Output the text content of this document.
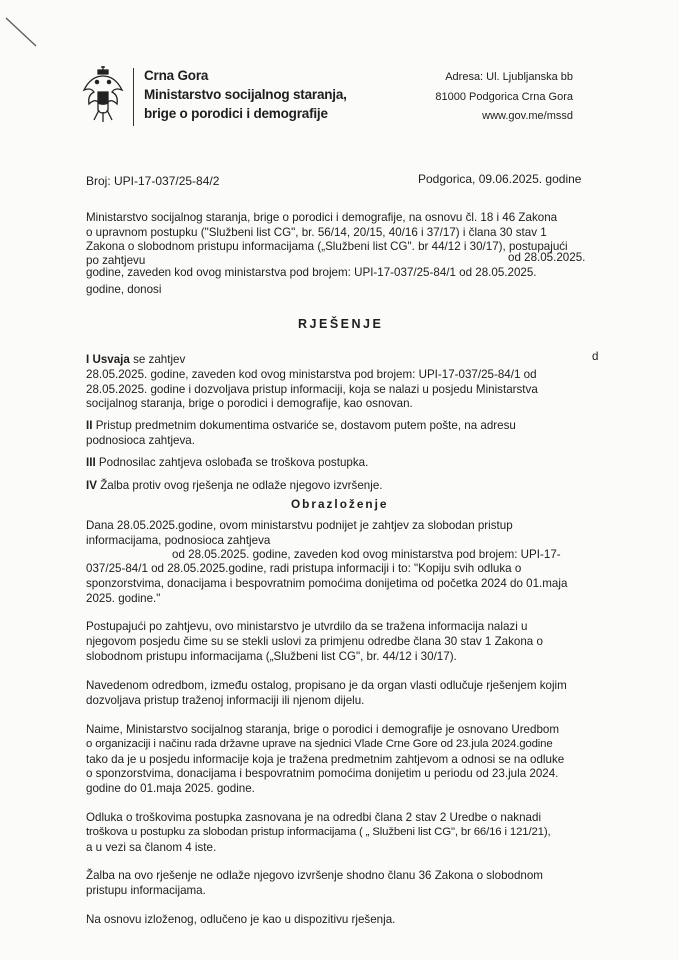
Crna Gora
Ministarstvo socijalnog staranja,
brige o porodici i demografije
Adresa: Ul. Ljubljanska bb
81000 Podgorica Crna Gora
www.gov.me/mssd
Broj: UPI-17-037/25-84/2	Podgorica, 09.06.2025. godine
Ministarstvo socijalnog staranja, brige o porodici i demografije, na osnovu čl. 18 i 46 Zakona
o upravnom postupku ("Službeni list CG", br. 56/14, 20/15, 40/16 i 37/17) i člana 30 stav 1
Zakona o slobodnom pristupu informacijama („Službeni list CG". br 44/12 i 30/17), postupajući
po zahtjevu	od 28.05.2025.
godine, zaveden kod ovog ministarstva pod brojem: UPI-17-037/25-84/1 od 28.05.2025.
godine, donosi
RJEŠENJE
I Usvaja se zahtjev	d
28.05.2025. godine, zaveden kod ovog ministarstva pod brojem: UPI-17-037/25-84/1 od
28.05.2025. godine i dozvoljava pristup informaciji, koja se nalazi u posjedu Ministarstva
socijalnog staranja, brige o porodici i demografije, kao osnovan.
II Pristup predmetnim dokumentima ostvariće se, dostavom putem pošte, na adresu
podnosioca zahtjeva.
III Podnosilac zahtjeva oslobađa se troškova postupka.
IV Žalba protiv ovog rješenja ne odlaže njegovo izvršenje.
Obrazloženje
Dana 28.05.2025.godine, ovom ministarstvu podnijet je zahtjev za slobodan pristup
informacijama, podnosioca zahtjeva
od 28.05.2025. godine, zaveden kod ovog ministarstva pod brojem: UPI-17-
037/25-84/1 od 28.05.2025.godine, radi pristupa informaciji i to: "Kopiju svih odluka o
sponzorstvima, donacijama i bespovratnim pomoćima donijetima od početka 2024 do 01.maja
2025. godine."
Postupajući po zahtjevu, ovo ministarstvo je utvrdilo da se tražena informacija nalazi u
njegovom posjedu čime su se stekli uslovi za primjenu odredbe člana 30 stav 1 Zakona o
slobodnom pristupu informacijama („Službeni list CG", br. 44/12 i 30/17).
Navedenom odredbom, između ostalog, propisano je da organ vlasti odlučuje rješenjem kojim
dozvoljava pristup traženoj informaciji ili njenom dijelu.
Naime, Ministarstvo socijalnog staranja, brige o porodici i demografije je osnovano Uredbom
o organizaciji i načinu rada državne uprave na sjednici Vlade Crne Gore od 23.jula 2024.godine
tako da je u posjedu informacije koja je tražena predmetnim zahtjevom a odnosi se na odluke
o sponzorstvima, donacijama i bespovratnim pomoćima donijetim u periodu od 23.jula 2024.
godine do 01.maja 2025. godine.
Odluka o troškovima postupka zasnovana je na odredbi člana 2 stav 2 Uredbe o naknadi
troškova u postupku za slobodan pristup informacijama ( „ Službeni list CG", br 66/16 i 121/21),
a u vezi sa članom 4 iste.
Žalba na ovo rješenje ne odlaže njegovo izvršenje shodno članu 36 Zakona o slobodnom
pristupu informacijama.
Na osnovu izloženog, odlučeno je kao u dispozitivu rješenja.
